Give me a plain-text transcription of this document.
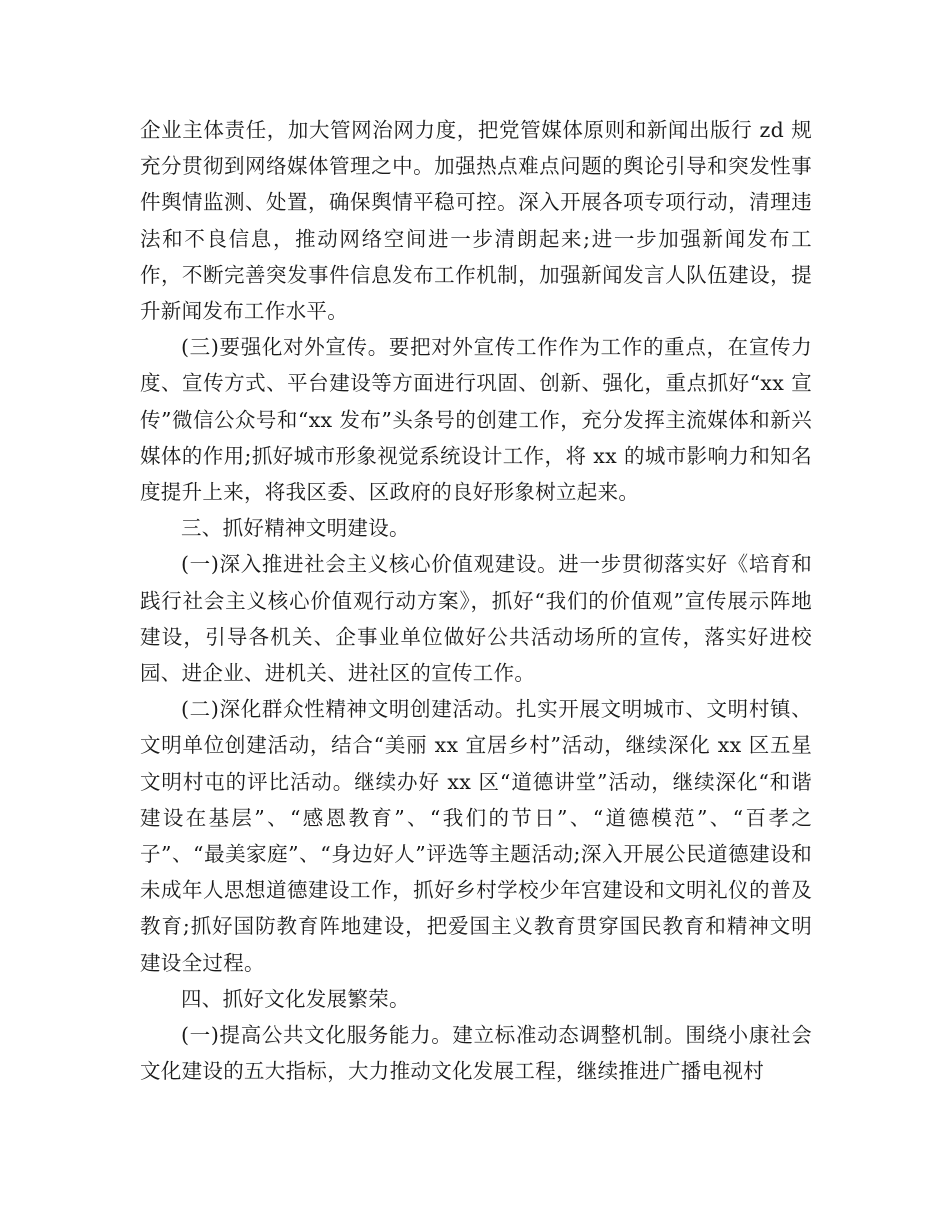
企业主体责任，加大管网治网力度，把党管媒体原则和新闻出版行 zd 规充分贯彻到网络媒体管理之中。加强热点难点问题的舆论引导和突发性事件舆情监测、处置，确保舆情平稳可控。深入开展各项专项行动，清理违法和不良信息，推动网络空间进一步清朗起来;进一步加强新闻发布工作，不断完善突发事件信息发布工作机制，加强新闻发言人队伍建设，提升新闻发布工作水平。

(三)要强化对外宣传。要把对外宣传工作作为工作的重点，在宣传力度、宣传方式、平台建设等方面进行巩固、创新、强化，重点抓好“xx 宣传”微信公众号和“xx 发布”头条号的创建工作，充分发挥主流媒体和新兴媒体的作用;抓好城市形象视觉系统设计工作，将 xx 的城市影响力和知名度提升上来，将我区委、区政府的良好形象树立起来。

三、抓好精神文明建设。

(一)深入推进社会主义核心价值观建设。进一步贯彻落实好《培育和践行社会主义核心价值观行动方案》，抓好“我们的价值观”宣传展示阵地建设，引导各机关、企事业单位做好公共活动场所的宣传，落实好进校园、进企业、进机关、进社区的宣传工作。

(二)深化群众性精神文明创建活动。扎实开展文明城市、文明村镇、文明单位创建活动，结合“美丽 xx 宜居乡村”活动，继续深化 xx 区五星文明村屯的评比活动。继续办好 xx 区“道德讲堂”活动，继续深化“和谐建设在基层”、“感恩教育”、“我们的节日”、“道德模范”、“百孝之子”、“最美家庭”、“身边好人”评选等主题活动;深入开展公民道德建设和未成年人思想道德建设工作，抓好乡村学校少年宫建设和文明礼仪的普及教育;抓好国防教育阵地建设，把爱国主义教育贯穿国民教育和精神文明建设全过程。

四、抓好文化发展繁荣。

(一)提高公共文化服务能力。建立标准动态调整机制。围绕小康社会文化建设的五大指标，大力推动文化发展工程，继续推进广播电视村
